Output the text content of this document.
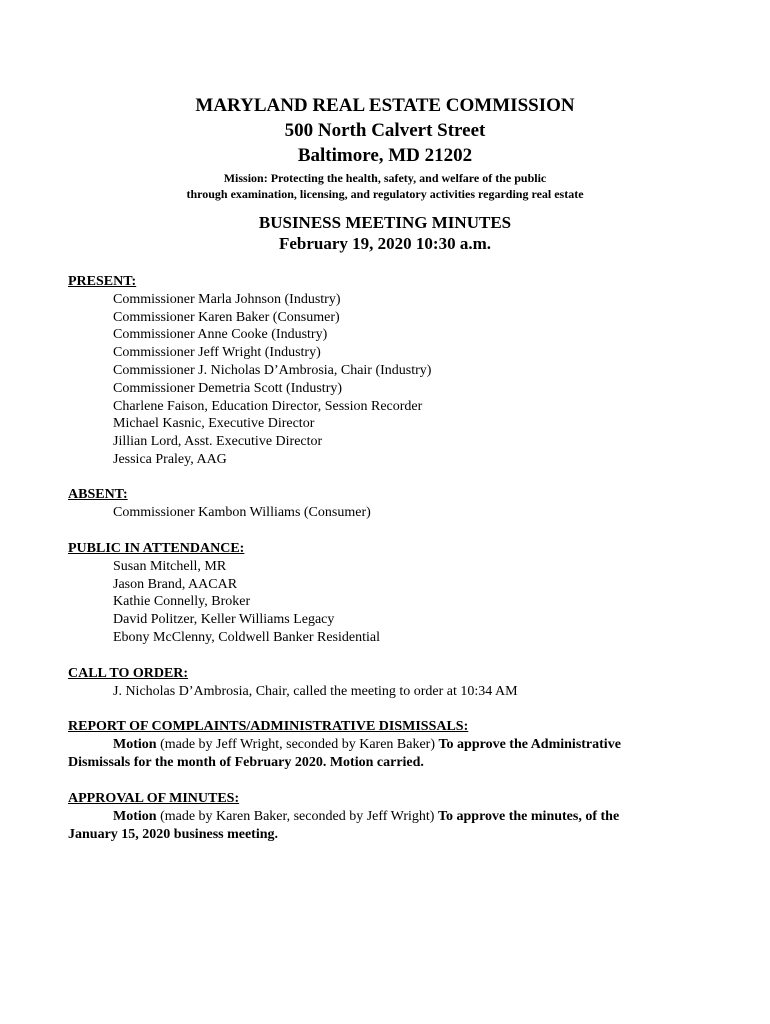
MARYLAND REAL ESTATE COMMISSION
500 North Calvert Street
Baltimore, MD 21202
Mission: Protecting the health, safety, and welfare of the public
through examination, licensing, and regulatory activities regarding real estate
BUSINESS MEETING MINUTES
February 19, 2020 10:30 a.m.
PRESENT:
Commissioner Marla Johnson (Industry)
Commissioner Karen Baker (Consumer)
Commissioner Anne Cooke (Industry)
Commissioner Jeff Wright (Industry)
Commissioner J. Nicholas D’Ambrosia, Chair (Industry)
Commissioner Demetria Scott (Industry)
Charlene Faison, Education Director, Session Recorder
Michael Kasnic, Executive Director
Jillian Lord, Asst. Executive Director
Jessica Praley, AAG
ABSENT:
Commissioner Kambon Williams (Consumer)
PUBLIC IN ATTENDANCE:
Susan Mitchell, MR
Jason Brand, AACAR
Kathie Connelly, Broker
David Politzer, Keller Williams Legacy
Ebony McClenny, Coldwell Banker Residential
CALL TO ORDER:
J. Nicholas D’Ambrosia, Chair, called the meeting to order at 10:34 AM
REPORT OF COMPLAINTS/ADMINISTRATIVE DISMISSALS:
Motion (made by Jeff Wright, seconded by Karen Baker) To approve the Administrative Dismissals for the month of February 2020. Motion carried.
APPROVAL OF MINUTES:
Motion (made by Karen Baker, seconded by Jeff Wright) To approve the minutes, of the January 15, 2020 business meeting.
